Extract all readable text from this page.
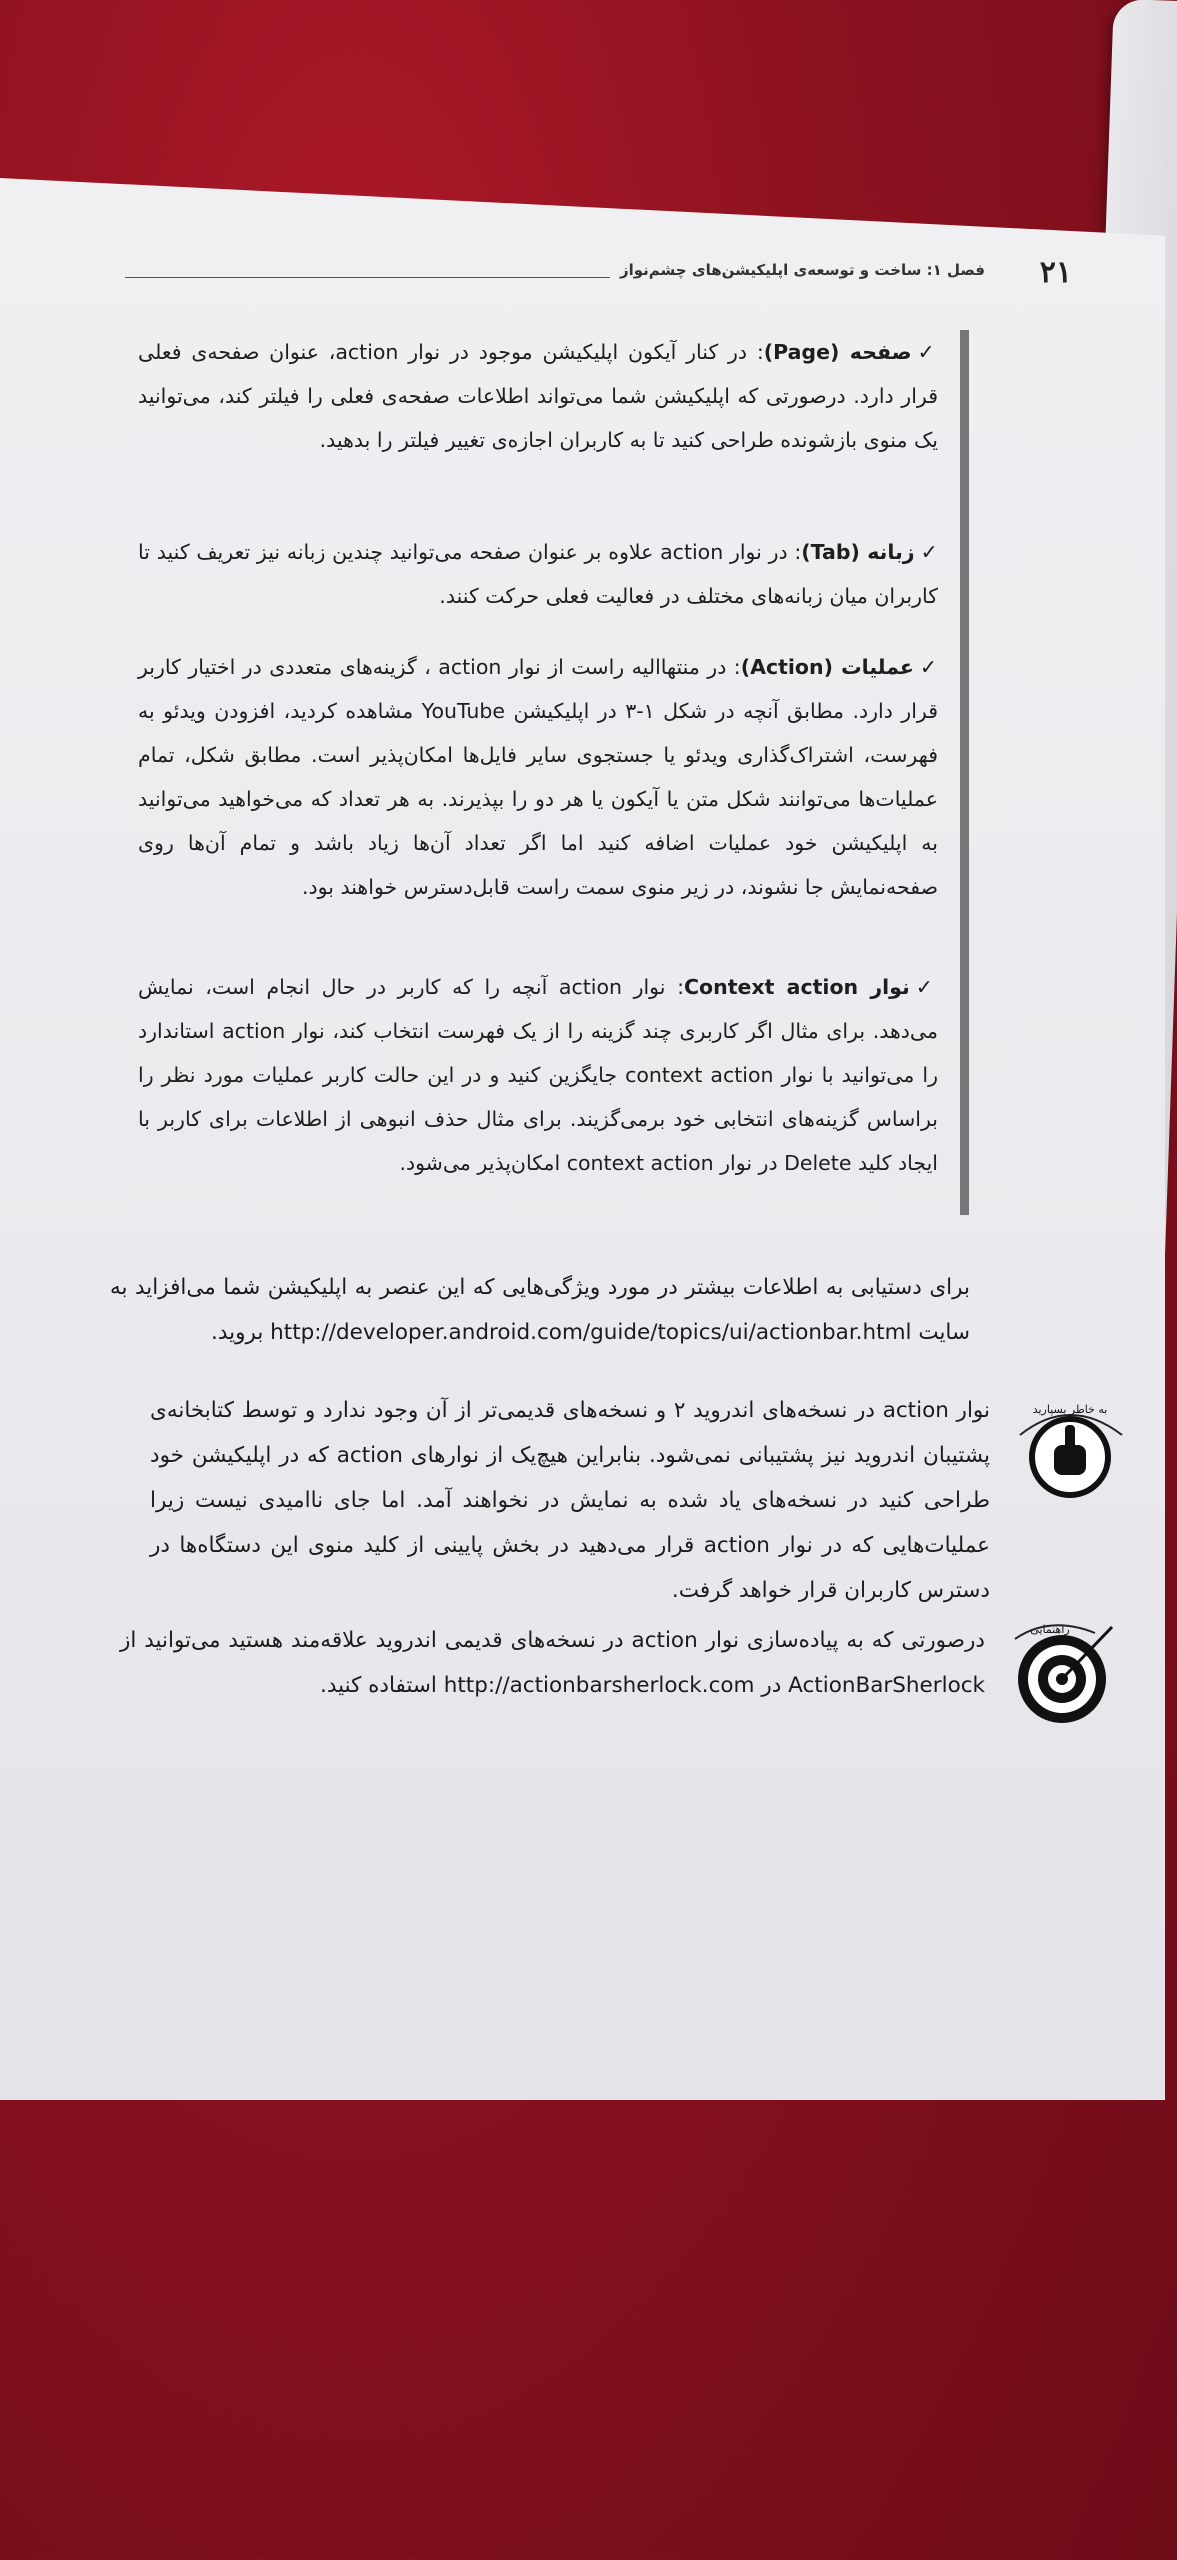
۲۱
فصل ۱: ساخت و توسعه‌ی اپلیکیشن‌های چشم‌نواز
✓صفحه (Page): در کنار آیکون اپلیکیشن موجود در نوار action، عنوان صفحه‌ی فعلی قرار دارد. درصورتی که اپلیکیشن شما می‌تواند اطلاعات صفحه‌ی فعلی را فیلتر کند، می‌توانید یک منوی بازشونده طراحی کنید تا به کاربران اجازه‌ی تغییر فیلتر را بدهید.
✓زبانه (Tab): در نوار action علاوه بر عنوان صفحه می‌توانید چندین زبانه نیز تعریف کنید تا کاربران میان زبانه‌های مختلف در فعالیت فعلی حرکت کنند.
✓عملیات (Action): در منتهاالیه راست از نوار action ، گزینه‌های متعددی در اختیار کاربر قرار دارد. مطابق آنچه در شکل ۱-۳ در اپلیکیشن YouTube مشاهده کردید، افزودن ویدئو به فهرست، اشتراک‌گذاری ویدئو یا جستجوی سایر فایل‌ها امکان‌پذیر است. مطابق شکل، تمام عملیات‌ها می‌توانند شکل متن یا آیکون یا هر دو را بپذیرند. به هر تعداد که می‌خواهید می‌توانید به اپلیکیشن خود عملیات اضافه کنید اما اگر تعداد آن‌ها زیاد باشد و تمام آن‌ها روی صفحه‌نمایش جا نشوند، در زیر منوی سمت راست قابل‌دسترس خواهند بود.
✓نوار Context action: نوار action آنچه را که کاربر در حال انجام است، نمایش می‌دهد. برای مثال اگر کاربری چند گزینه را از یک فهرست انتخاب کند، نوار action استاندارد را می‌توانید با نوار context action جایگزین کنید و در این حالت کاربر عملیات مورد نظر را براساس گزینه‌های انتخابی خود برمی‌گزیند. برای مثال حذف انبوهی از اطلاعات برای کاربر با ایجاد کلید Delete در نوار context action امکان‌پذیر می‌شود.
برای دستیابی به اطلاعات بیشتر در مورد ویژگی‌هایی که این عنصر به اپلیکیشن شما می‌افزاید به سایت http://developer.android.com/guide/topics/ui/actionbar.html بروید.
به خاطر بسپارید
نوار action در نسخه‌های اندروید ۲ و نسخه‌های قدیمی‌تر از آن وجود ندارد و توسط کتابخانه‌ی پشتیبان اندروید نیز پشتیبانی نمی‌شود. بنابراین هیچ‌یک از نوارهای action که در اپلیکیشن خود طراحی کنید در نسخه‌های یاد شده به نمایش در نخواهند آمد. اما جای ناامیدی نیست زیرا عملیات‌هایی که در نوار action قرار می‌دهید در بخش پایینی از کلید منوی این دستگاه‌ها در دسترس کاربران قرار خواهد گرفت.
راهنمایی
درصورتی که به پیاده‌سازی نوار action در نسخه‌های قدیمی اندروید علاقه‌مند هستید می‌توانید از ActionBarSherlock در http://actionbarsherlock.com استفاده کنید.
